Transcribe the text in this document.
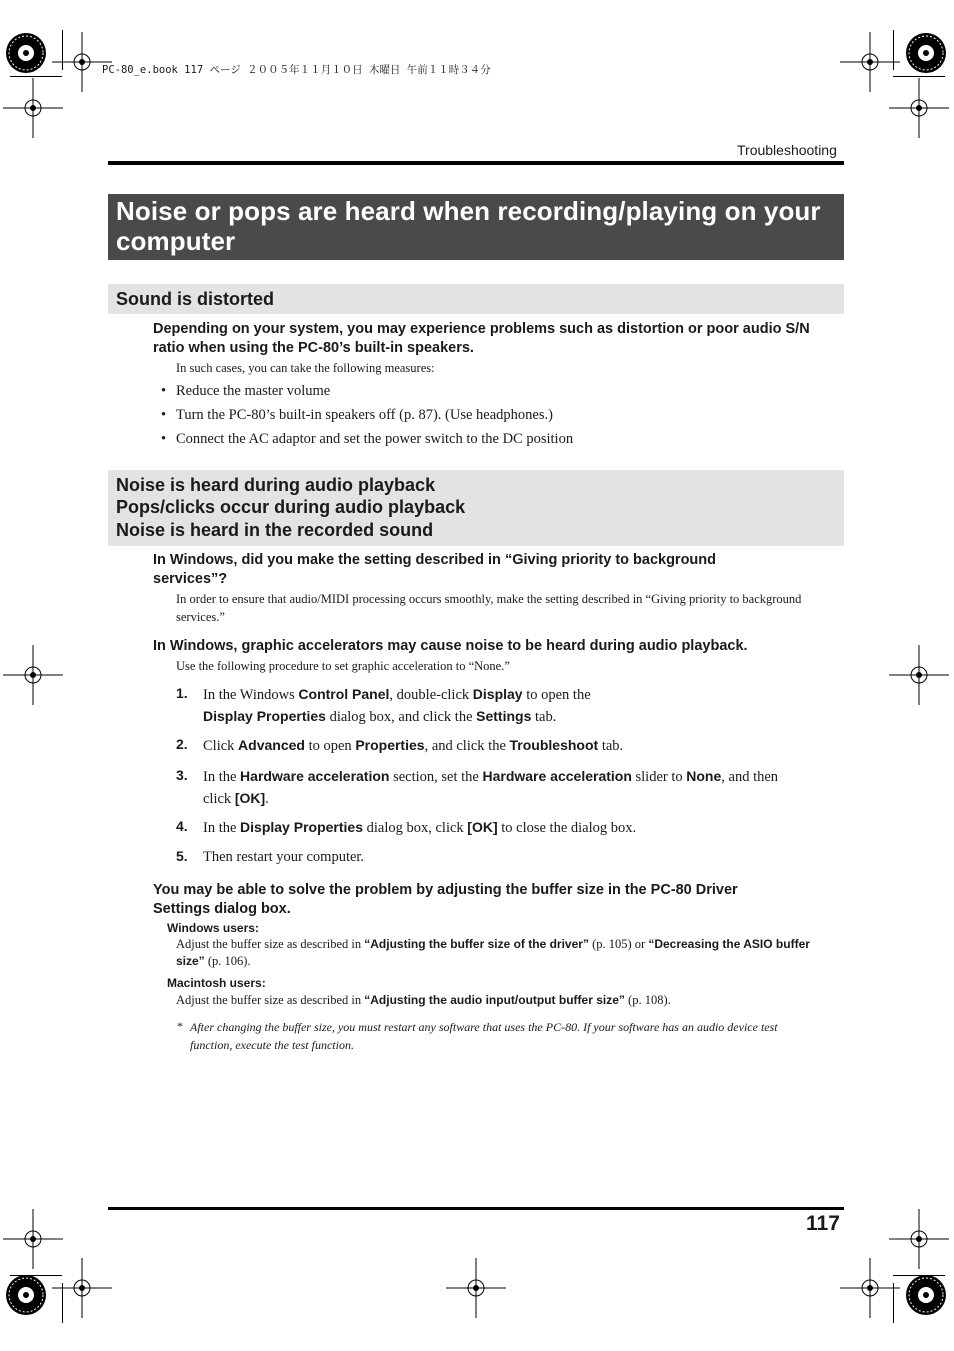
PC-80_e.book 117 ページ ２００５年１１月１０日 木曜日 午前１１時３４分
Troubleshooting
Noise or pops are heard when recording/playing on your computer
Sound is distorted
Depending on your system, you may experience problems such as distortion or poor audio S/N ratio when using the PC-80’s built-in speakers.
In such cases, you can take the following measures:
• Reduce the master volume
• Turn the PC-80’s built-in speakers off (p. 87). (Use headphones.)
• Connect the AC adaptor and set the power switch to the DC position
Noise is heard during audio playback
Pops/clicks occur during audio playback
Noise is heard in the recorded sound
In Windows, did you make the setting described in “Giving priority to background services”?
In order to ensure that audio/MIDI processing occurs smoothly, make the setting described in “Giving priority to background services.”
In Windows, graphic accelerators may cause noise to be heard during audio playback.
Use the following procedure to set graphic acceleration to “None.”
1. In the Windows Control Panel, double-click Display to open the
Display Properties dialog box, and click the Settings tab.
2. Click Advanced to open Properties, and click the Troubleshoot tab.
3. In the Hardware acceleration section, set the Hardware acceleration slider to None, and then click [OK].
4. In the Display Properties dialog box, click [OK] to close the dialog box.
5. Then restart your computer.
You may be able to solve the problem by adjusting the buffer size in the PC-80 Driver Settings dialog box.
Windows users:
Adjust the buffer size as described in “Adjusting the buffer size of the driver” (p. 105) or “Decreasing the ASIO buffer size” (p. 106).
Macintosh users:
Adjust the buffer size as described in “Adjusting the audio input/output buffer size” (p. 108).
* After changing the buffer size, you must restart any software that uses the PC-80. If your software has an audio device test function, execute the test function.
117
